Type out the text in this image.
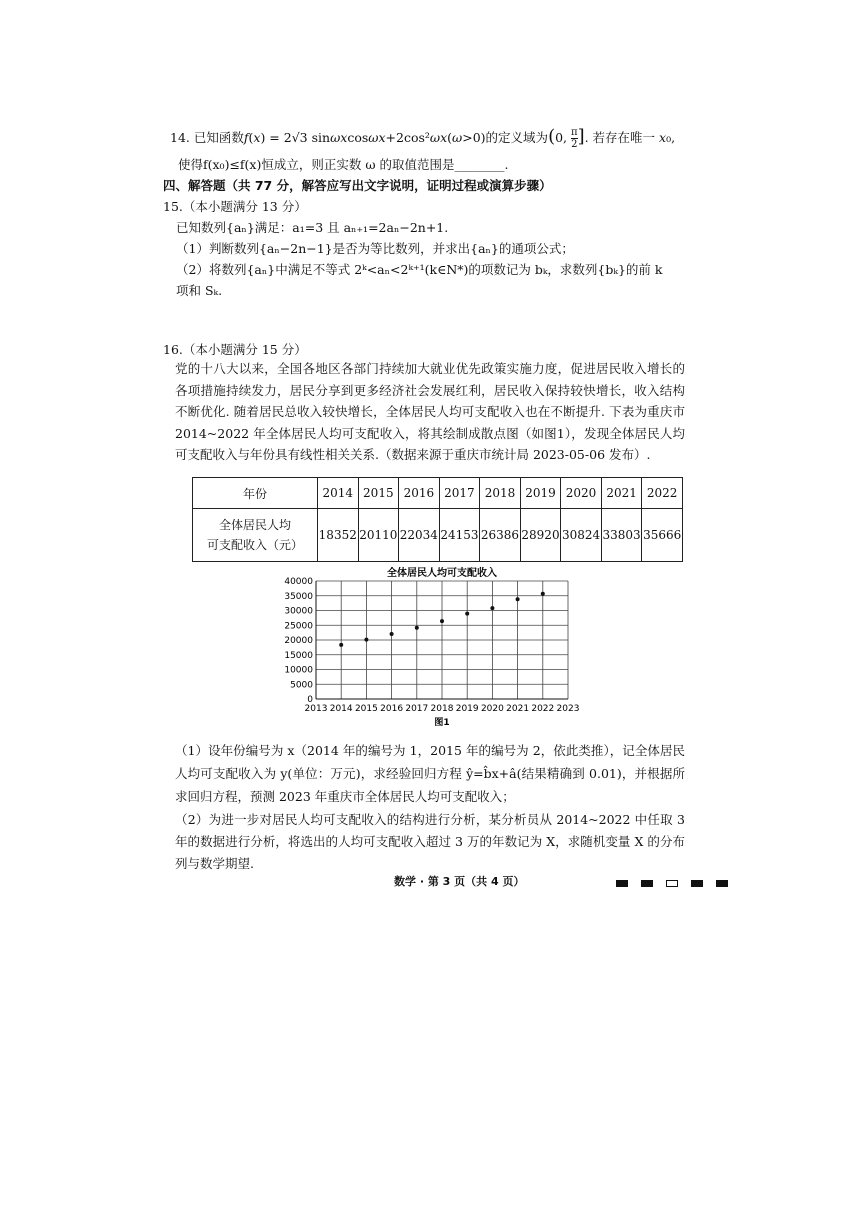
14. 已知函数f(x) = 2√3 sinωxcosωx+2cos²ωx(ω>0)的定义域为(0, $\frac{\pi}{2}$ ]. 若存在唯一 x₀,
使得f(x₀)≤f(x)恒成立，则正实数 ω 的取值范围是________.
四、解答题（共 77 分，解答应写出文字说明，证明过程或演算步骤）
15.（本小题满分 13 分）
已知数列{aₙ}满足：a₁=3 且 aₙ₊₁=2aₙ−2n+1.
（1）判断数列{aₙ−2n−1}是否为等比数列，并求出{aₙ}的通项公式；
（2）将数列{aₙ}中满足不等式 2ᵏ<aₙ<2ᵏ⁺¹(k∈N*)的项数记为 bₖ，求数列{bₖ}的前 k
项和 Sₖ.
16.（本小题满分 15 分）
党的十八大以来，全国各地区各部门持续加大就业优先政策实施力度，促进居民收入增长的各项措施持续发力，居民分享到更多经济社会发展红利，居民收入保持较快增长，收入结构不断优化. 随着居民总收入较快增长，全体居民人均可支配收入也在不断提升. 下表为重庆市 2014~2022 年全体居民人均可支配收入，将其绘制成散点图（如图1），发现全体居民人均可支配收入与年份具有线性相关关系.（数据来源于重庆市统计局 2023-05-06 发布）.
年份	2014	2015	2016	2017	2018	2019	2020	2021	2022
全体居民人均
可支配收入（元）	18352	20110	22034	24153	26386	28920	30824	33803	35666
全体居民人均可支配收入
0
5000
10000
15000
20000
25000
30000
35000
40000
2013 2014 2015 2016 2017 2018 2019 2020 2021 2022 2023
图1
（1）设年份编号为 x（2014 年的编号为 1，2015 年的编号为 2，依此类推），记全体居民人均可支配收入为 y(单位：万元)，求经验回归方程 ŷ=b̂x+â(结果精确到 0.01)，并根据所求回归方程，预测 2023 年重庆市全体居民人均可支配收入；
（2）为进一步对居民人均可支配收入的结构进行分析，某分析员从 2014~2022 中任取 3 年的数据进行分析，将选出的人均可支配收入超过 3 万的年数记为 X，求随机变量 X 的分布列与数学期望.
数学 · 第 3 页（共 4 页）
